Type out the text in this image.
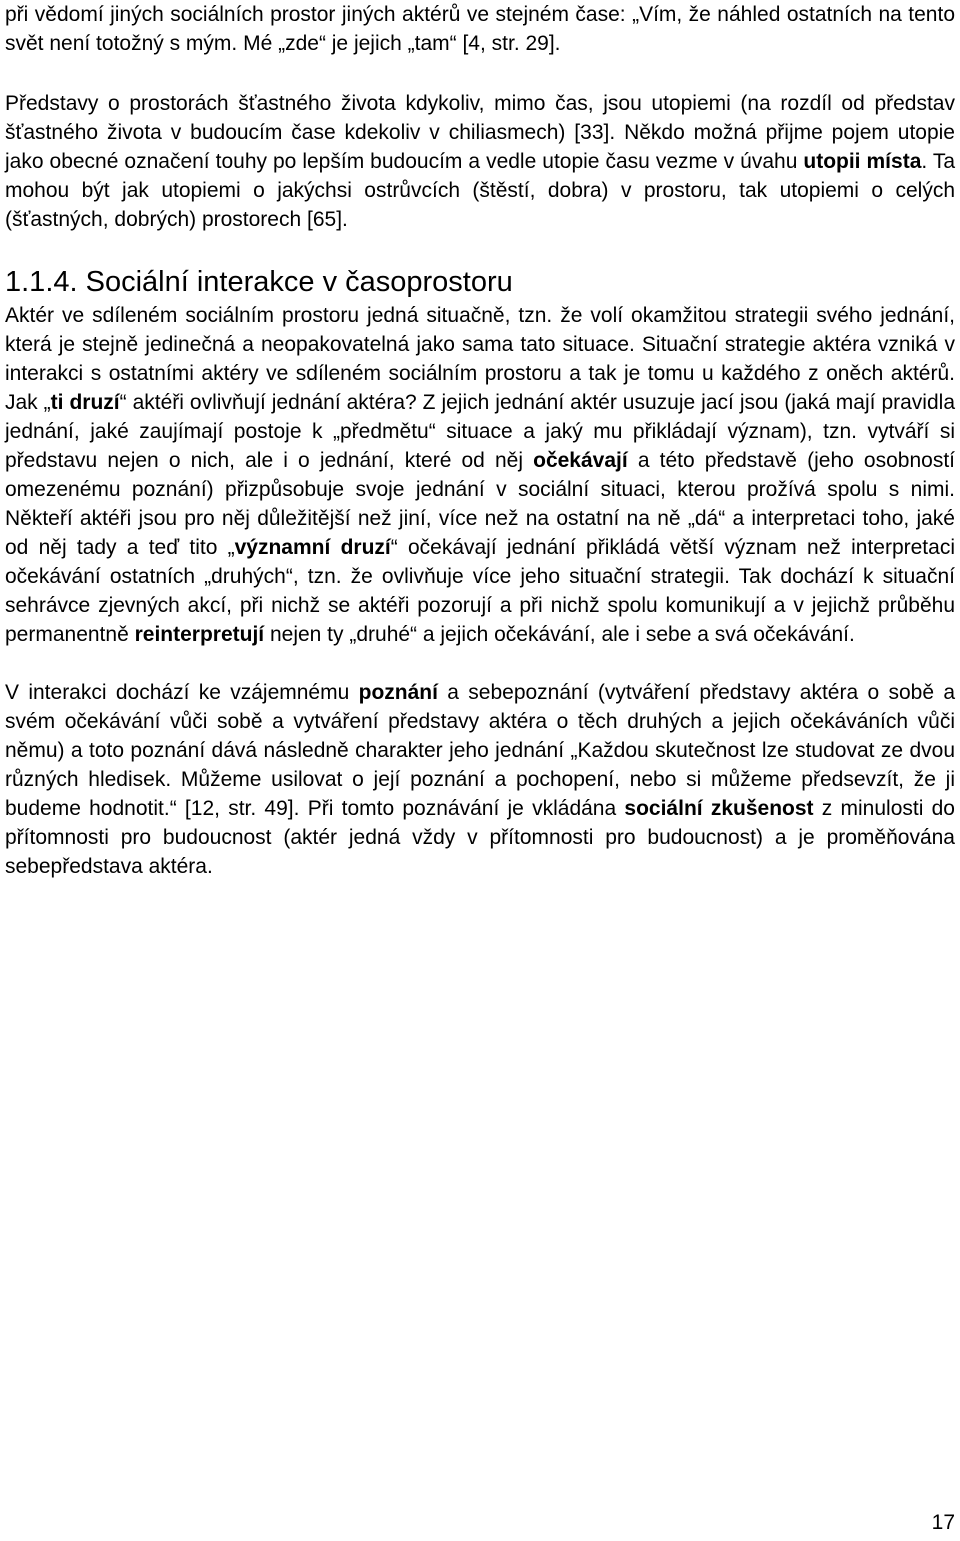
při vědomí jiných sociálních prostor jiných aktérů ve stejném čase: „Vím, že náhled ostatních na tento svět není totožný s mým. Mé „zde“ je jejich „tam“ [4, str. 29].

Představy o prostorách šťastného života kdykoliv, mimo čas, jsou utopiemi (na rozdíl od představ šťastného života v budoucím čase kdekoliv v chiliasmech) [33]. Někdo možná přijme pojem utopie jako obecné označení touhy po lepším budoucím a vedle utopie času vezme v úvahu utopii místa. Ta mohou být jak utopiemi o jakýchsi ostrůvcích (štěstí, dobra) v prostoru, tak utopiemi o celých (šťastných, dobrých) prostorech [65].

1.1.4. Sociální interakce v časoprostoru

Aktér ve sdíleném sociálním prostoru jedná situačně, tzn. že volí okamžitou strategii svého jednání, která je stejně jedinečná a neopakovatelná jako sama tato situace. Situační strategie aktéra vzniká v interakci s ostatními aktéry ve sdíleném sociálním prostoru a tak je tomu u každého z oněch aktérů. Jak „ti druzí“ aktéři ovlivňují jednání aktéra? Z jejich jednání aktér usuzuje jací jsou (jaká mají pravidla jednání, jaké zaujímají postoje k „předmětu“ situace a jaký mu přikládají význam), tzn. vytváří si představu nejen o nich, ale i o jednání, které od něj očekávají a této představě (jeho osobností omezenému poznání) přizpůsobuje svoje jednání v sociální situaci, kterou prožívá spolu s nimi. Někteří aktéři jsou pro něj důležitější než jiní, více než na ostatní na ně „dá“ a interpretaci toho, jaké od něj tady a teď tito „významní druzí“ očekávají jednání přikládá větší význam než interpretaci očekávání ostatních „druhých“, tzn. že ovlivňuje více jeho situační strategii. Tak dochází k situační sehrávce zjevných akcí, při nichž se aktéři pozorují a při nichž spolu komunikují a v jejichž průběhu permanentně reinterpretují nejen ty „druhé“ a jejich očekávání, ale i sebe a svá očekávání.

V interakci dochází ke vzájemnému poznání a sebepoznání (vytváření představy aktéra o sobě a svém očekávání vůči sobě a vytváření představy aktéra o těch druhých a jejich očekáváních vůči němu) a toto poznání dává následně charakter jeho jednání „Každou skutečnost lze studovat ze dvou různých hledisek. Můžeme usilovat o její poznání a pochopení, nebo si můžeme předsevzít, že ji budeme hodnotit.“ [12, str. 49]. Při tomto poznávání je vkládána sociální zkušenost z minulosti do přítomnosti pro budoucnost (aktér jedná vždy v přítomnosti pro budoucnost) a je proměňována sebepředstava aktéra.

17
